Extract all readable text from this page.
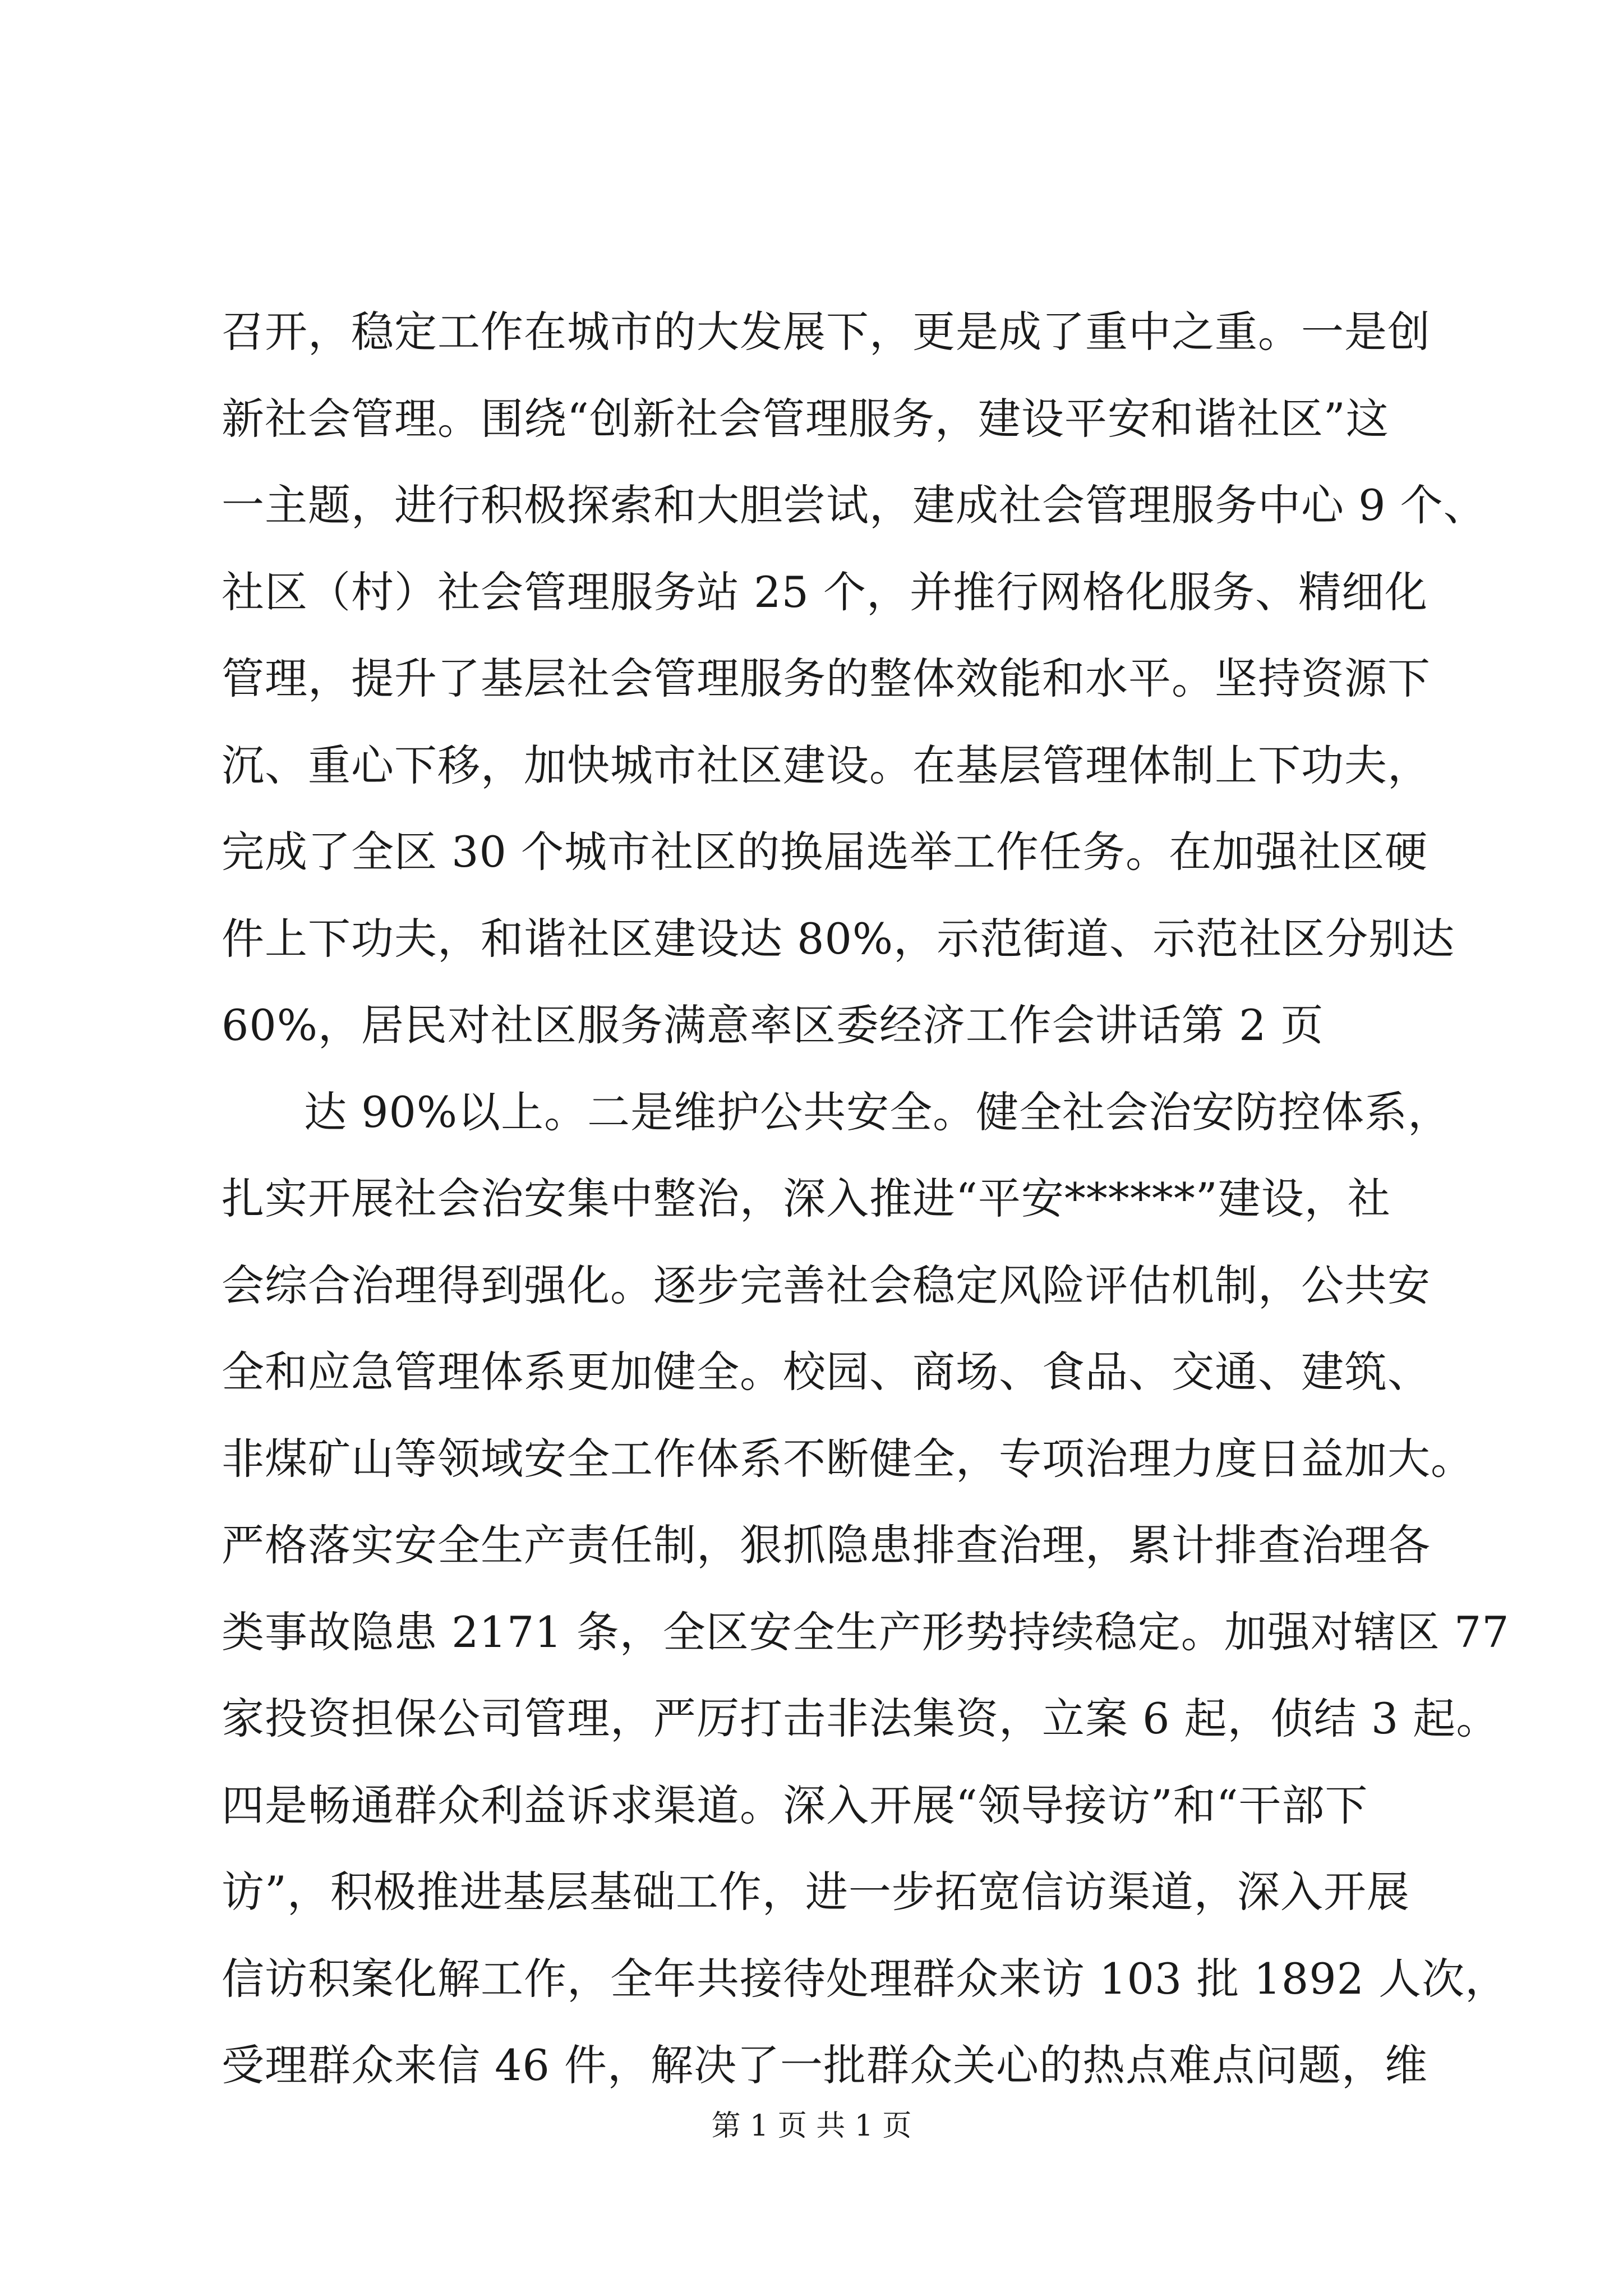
召开，稳定工作在城市的大发展下，更是成了重中之重。一是创
新社会管理。围绕“创新社会管理服务，建设平安和谐社区”这
一主题，进行积极探索和大胆尝试，建成社会管理服务中心 9 个、
社区（村）社会管理服务站 25 个，并推行网格化服务、精细化
管理，提升了基层社会管理服务的整体效能和水平。坚持资源下
沉、重心下移，加快城市社区建设。在基层管理体制上下功夫，
完成了全区 30 个城市社区的换届选举工作任务。在加强社区硬
件上下功夫，和谐社区建设达 80%，示范街道、示范社区分别达
60%，居民对社区服务满意率区委经济工作会讲话第 2 页
达 90%以上。二是维护公共安全。健全社会治安防控体系，
扎实开展社会治安集中整治，深入推进“平安******”建设，社
会综合治理得到强化。逐步完善社会稳定风险评估机制，公共安
全和应急管理体系更加健全。校园、商场、食品、交通、建筑、
非煤矿山等领域安全工作体系不断健全，专项治理力度日益加大。
严格落实安全生产责任制，狠抓隐患排查治理，累计排查治理各
类事故隐患 2171 条，全区安全生产形势持续稳定。加强对辖区 77
家投资担保公司管理，严厉打击非法集资，立案 6 起，侦结 3 起。
四是畅通群众利益诉求渠道。深入开展“领导接访”和“干部下
访”，积极推进基层基础工作，进一步拓宽信访渠道，深入开展
信访积案化解工作，全年共接待处理群众来访 103 批 1892 人次，
受理群众来信 46 件，解决了一批群众关心的热点难点问题，维
第 1 页 共 1 页
